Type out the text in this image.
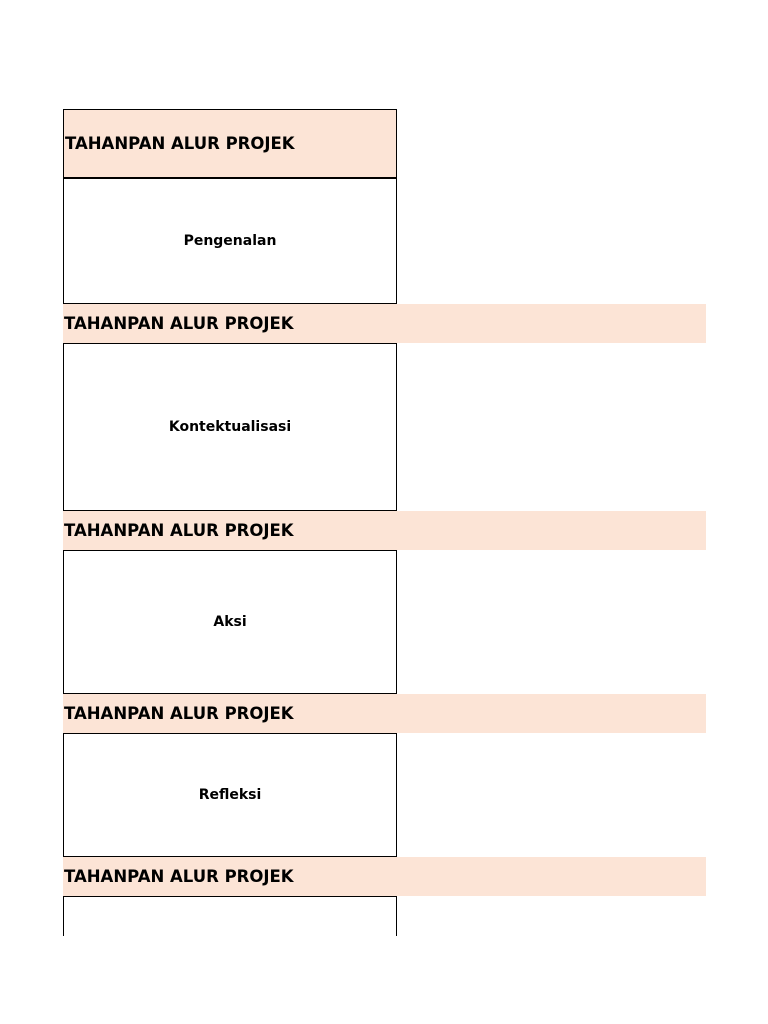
TAHANPAN ALUR PROJEK
Pengenalan
TAHANPAN ALUR PROJEK
Kontektualisasi
TAHANPAN ALUR PROJEK
Aksi
TAHANPAN ALUR PROJEK
Refleksi
TAHANPAN ALUR PROJEK
